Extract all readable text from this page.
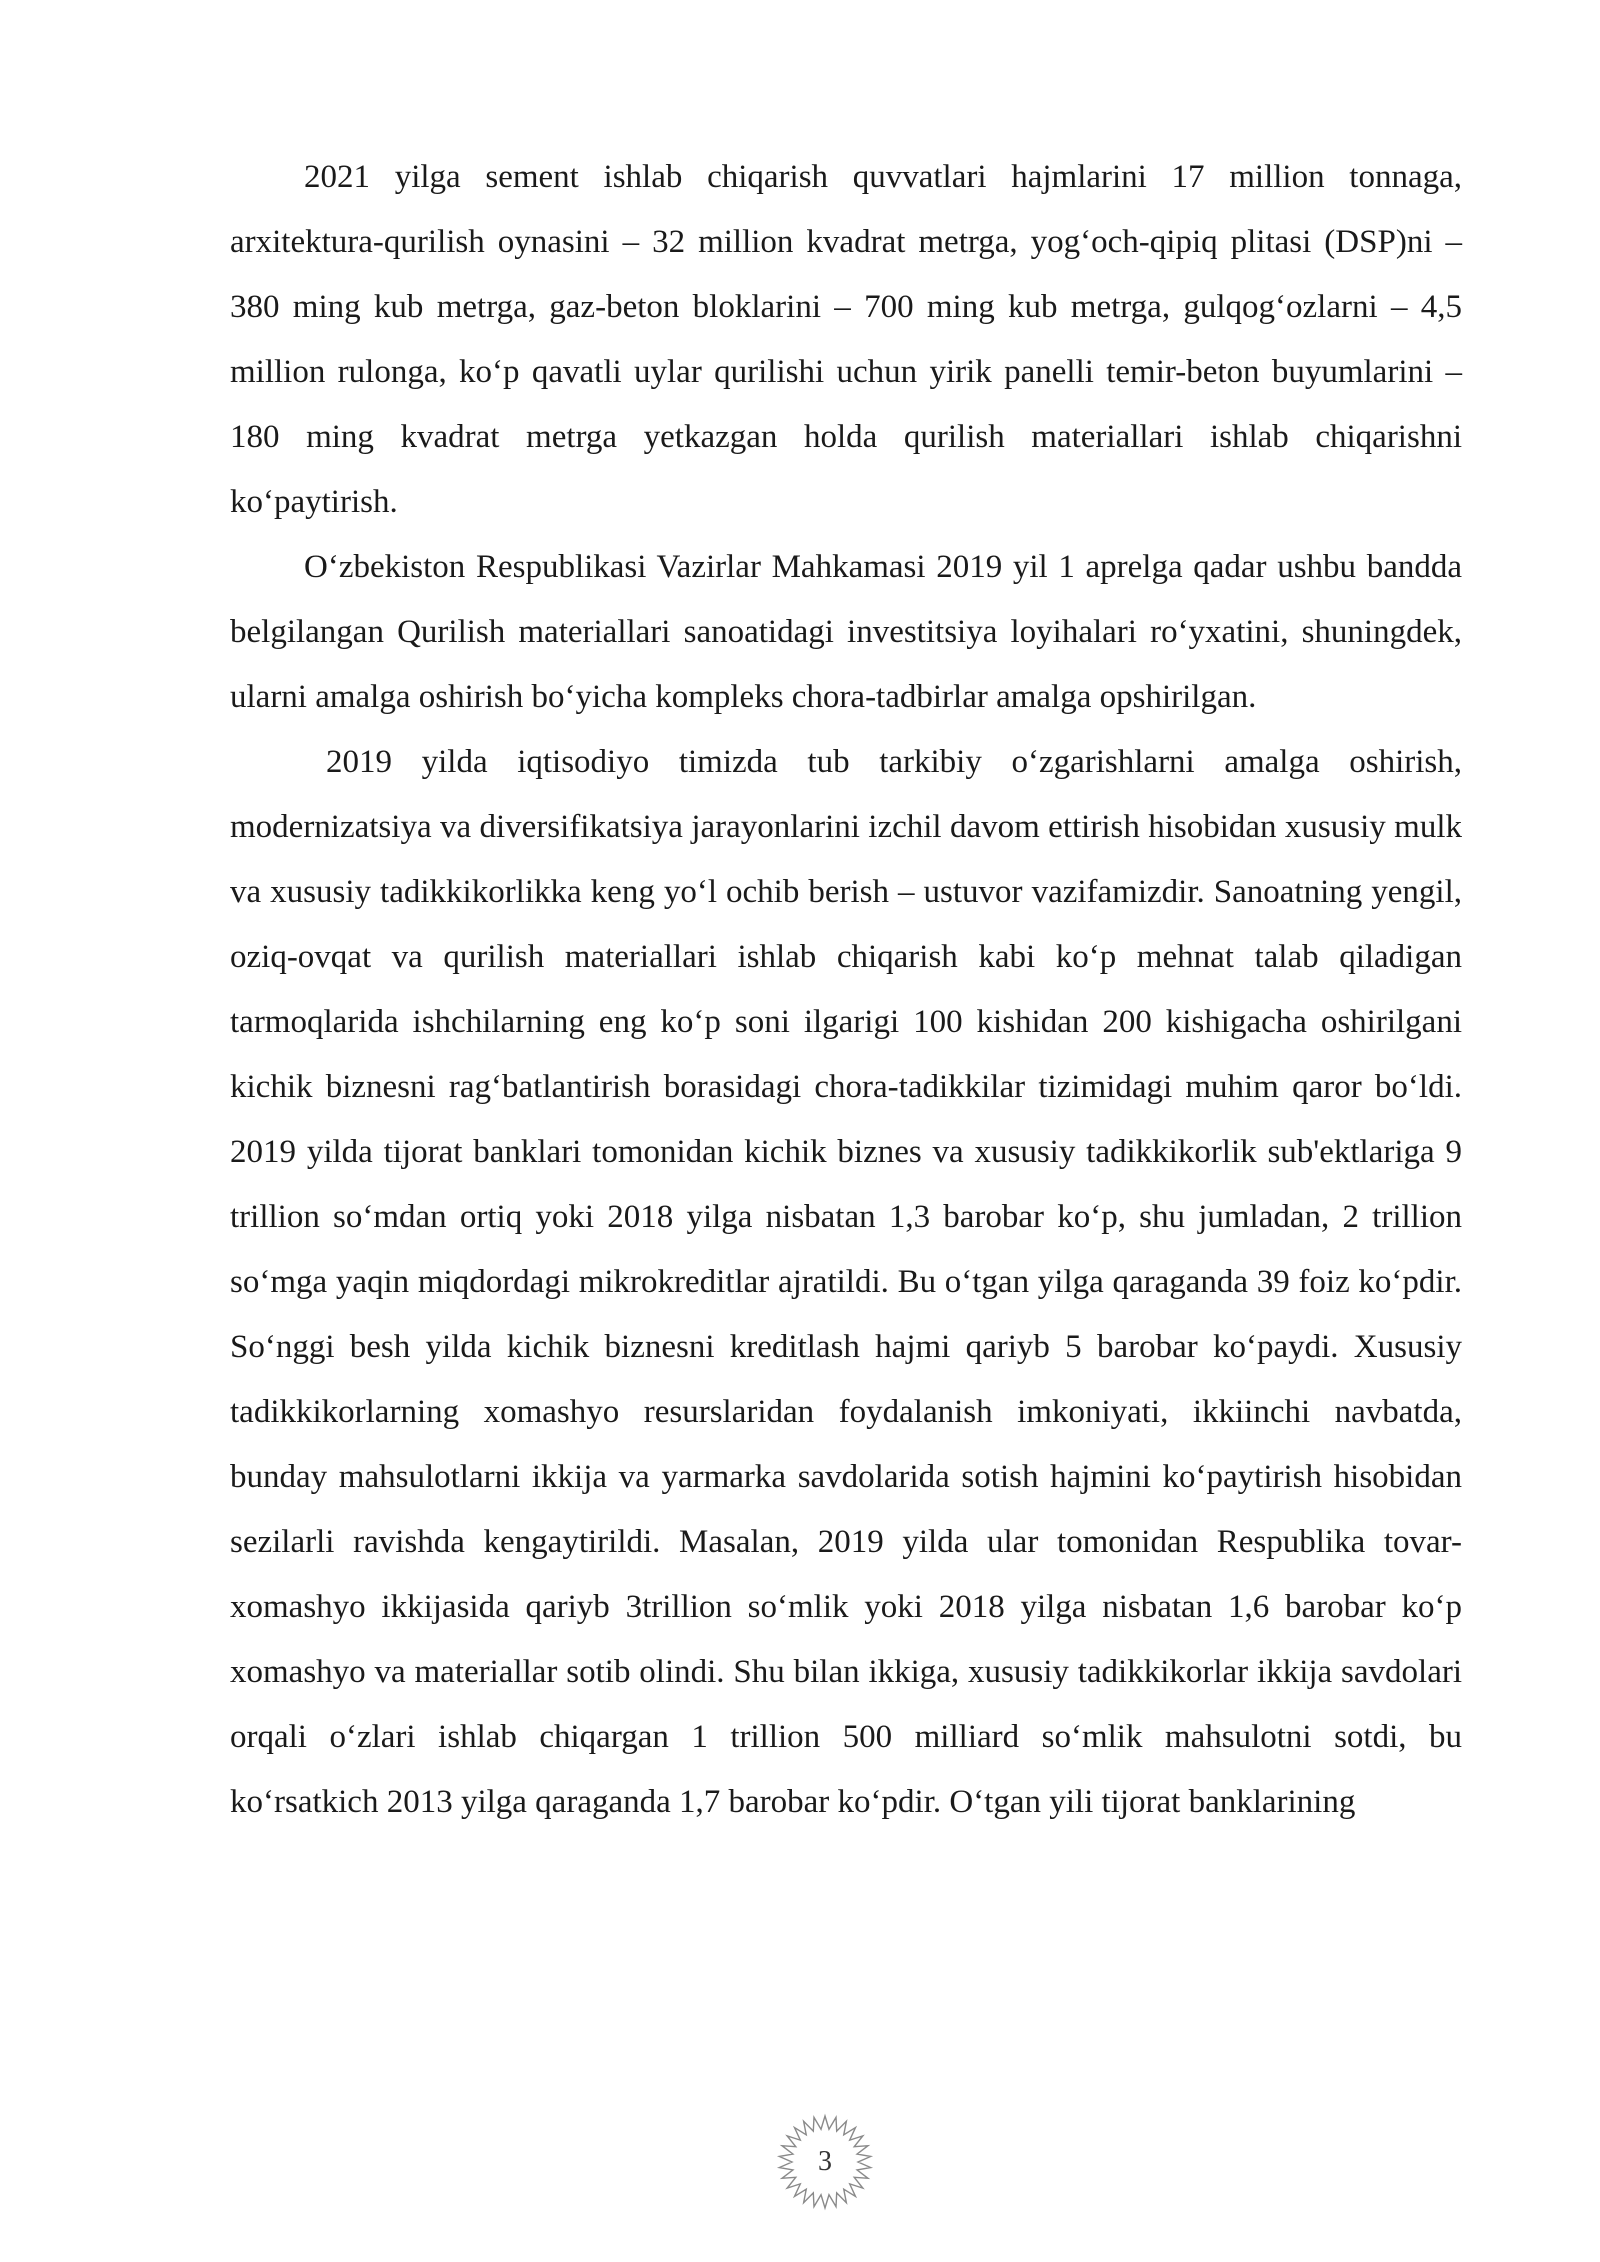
2021 yilga sement ishlab chiqarish quvvatlari hajmlarini 17 million tonnaga, arxitektura-qurilish oynasini – 32 million kvadrat metrga, yog‘och-qipiq plitasi (DSP)ni – 380 ming kub metrga, gaz-beton bloklarini – 700 ming kub metrga, gulqog‘ozlarni – 4,5 million rulonga, ko‘p qavatli uylar qurilishi uchun yirik panelli temir-beton buyumlarini – 180 ming kvadrat metrga yetkazgan holda qurilish materiallari ishlab chiqarishni ko‘paytirish.

O‘zbekiston Respublikasi Vazirlar Mahkamasi 2019 yil 1 aprelga qadar ushbu bandda belgilangan Qurilish materiallari sanoatidagi investitsiya loyihalari ro‘yxatini, shuningdek, ularni amalga oshirish bo‘yicha kompleks chora-tadbirlar amalga opshirilgan.

2019 yilda iqtisodiyo timizda tub tarkibiy o‘zgarishlarni amalga oshirish, modernizatsiya va diversifikatsiya jarayonlarini izchil davom ettirish hisobidan xususiy mulk va xususiy tadikkikorlikka keng yo‘l ochib berish – ustuvor vazifamizdir. Sanoatning yengil, oziq-ovqat va qurilish materiallari ishlab chiqarish kabi ko‘p mehnat talab qiladigan tarmoqlarida ishchilarning eng ko‘p soni ilgarigi 100 kishidan 200 kishigacha oshirilgani kichik biznesni rag‘batlantirish borasidagi chora-tadikkilar tizimidagi muhim qaror bo‘ldi. 2019 yilda tijorat banklari tomonidan kichik biznes va xususiy tadikkikorlik sub'ektlariga 9 trillion so‘mdan ortiq yoki 2018 yilga nisbatan 1,3 barobar ko‘p, shu jumladan, 2 trillion so‘mga yaqin miqdordagi mikrokreditlar ajratildi. Bu o‘tgan yilga qaraganda 39 foiz ko‘pdir. So‘nggi besh yilda kichik biznesni kreditlash hajmi qariyb 5 barobar ko‘paydi. Xususiy tadikkikorlarning xomashyo resurslaridan foydalanish imkoniyati, ikkiinchi navbatda, bunday mahsulotlarni ikkija va yarmarka savdolarida sotish hajmini ko‘paytirish hisobidan sezilarli ravishda kengaytirildi. Masalan, 2019 yilda ular tomonidan Respublika tovar-xomashyo ikkijasida qariyb 3trillion so‘mlik yoki 2018 yilga nisbatan 1,6 barobar ko‘p xomashyo va materiallar sotib olindi. Shu bilan ikkiga, xususiy tadikkikorlar ikkija savdolari orqali o‘zlari ishlab chiqargan 1 trillion 500 milliard so‘mlik mahsulotni sotdi, bu ko‘rsatkich 2013 yilga qaraganda 1,7 barobar ko‘pdir. O‘tgan yili tijorat banklarining

3
